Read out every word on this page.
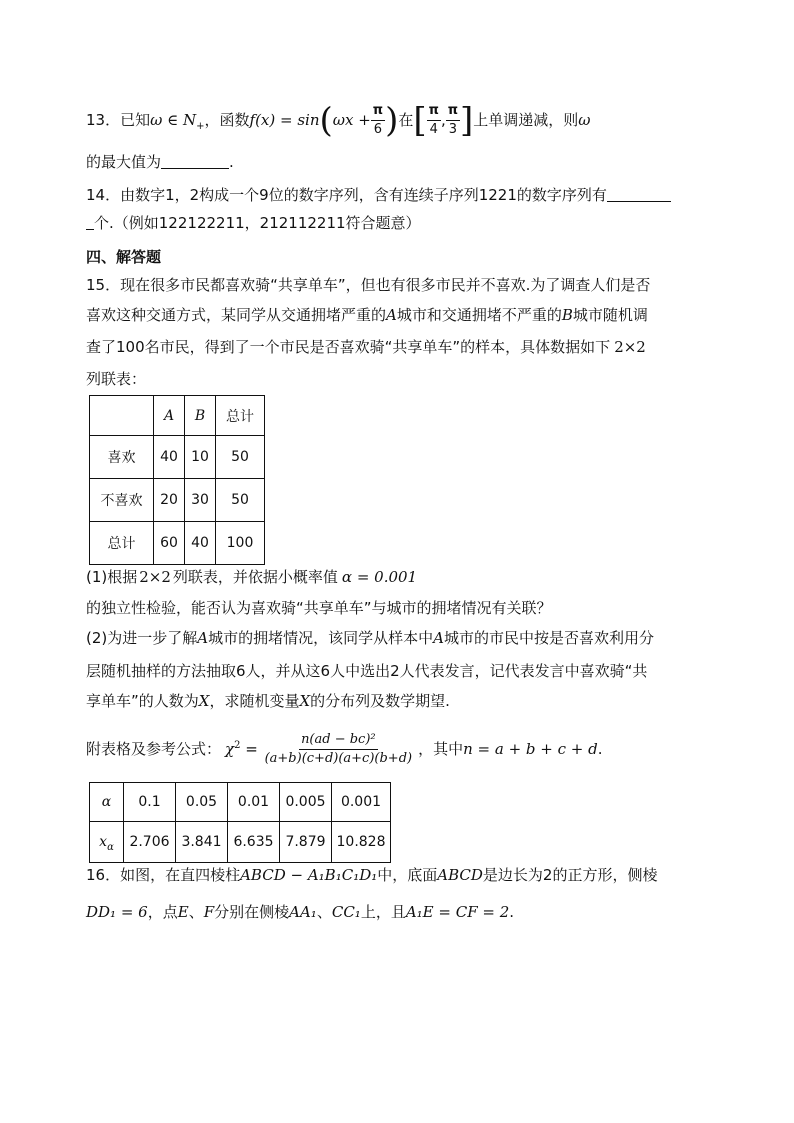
13．已知ω ∈ $N_+$，函数$f(x) = \sin(\omega x + \frac{\pi}{6}$ )在[ $\frac{\pi}{4}$ , $\frac{\pi}{3}$ ]上单调递减，则ω
的最大值为	.
14．由数字1，2构成一个9位的数字序列，含有连续子序列1221的数字序列有
个.（例如122122211，212112211符合题意）
四、解答题
15．现在很多市民都喜欢骑“共享单车”，但也有很多市民并不喜欢.为了调查人们是否
喜欢这种交通方式，某同学从交通拥堵严重的A城市和交通拥堵不严重的B城市随机调
查了100名市民，得到了一个市民是否喜欢骑“共享单车”的样本，具体数据如下 2×2
列联表：
	A	B	总计
喜欢	40	10	50
不喜欢	20	30	50
总计	60	40	100
(1)根据 2×2 列联表，并依据小概率值 α = 0.001
的独立性检验，能否认为喜欢骑“共享单车”与城市的拥堵情况有关联？
(2)为进一步了解A城市的拥堵情况，该同学从样本中A城市的市民中按是否喜欢利用分
层随机抽样的方法抽取6人，并从这6人中选出2人代表发言，记代表发言中喜欢骑“共
享单车”的人数为X，求随机变量X的分布列及数学期望.
附表格及参考公式： $\chi^2 = \frac{\text{n(ad − bc)²}}{(a+b)(c+d)(a+c)(b+d)}$ ，其中n = a + b + c + d.
α	0.1	0.05	0.01	0.005	0.001
$x_\alpha$	2.706	3.841	6.635	7.879	10.828
16．如图，在直四棱柱ABCD − A₁B₁C₁D₁中，底面ABCD是边长为2的正方形，侧棱
DD₁ = 6，点E、F分别在侧棱AA₁、CC₁上，且A₁E = CF = 2.
